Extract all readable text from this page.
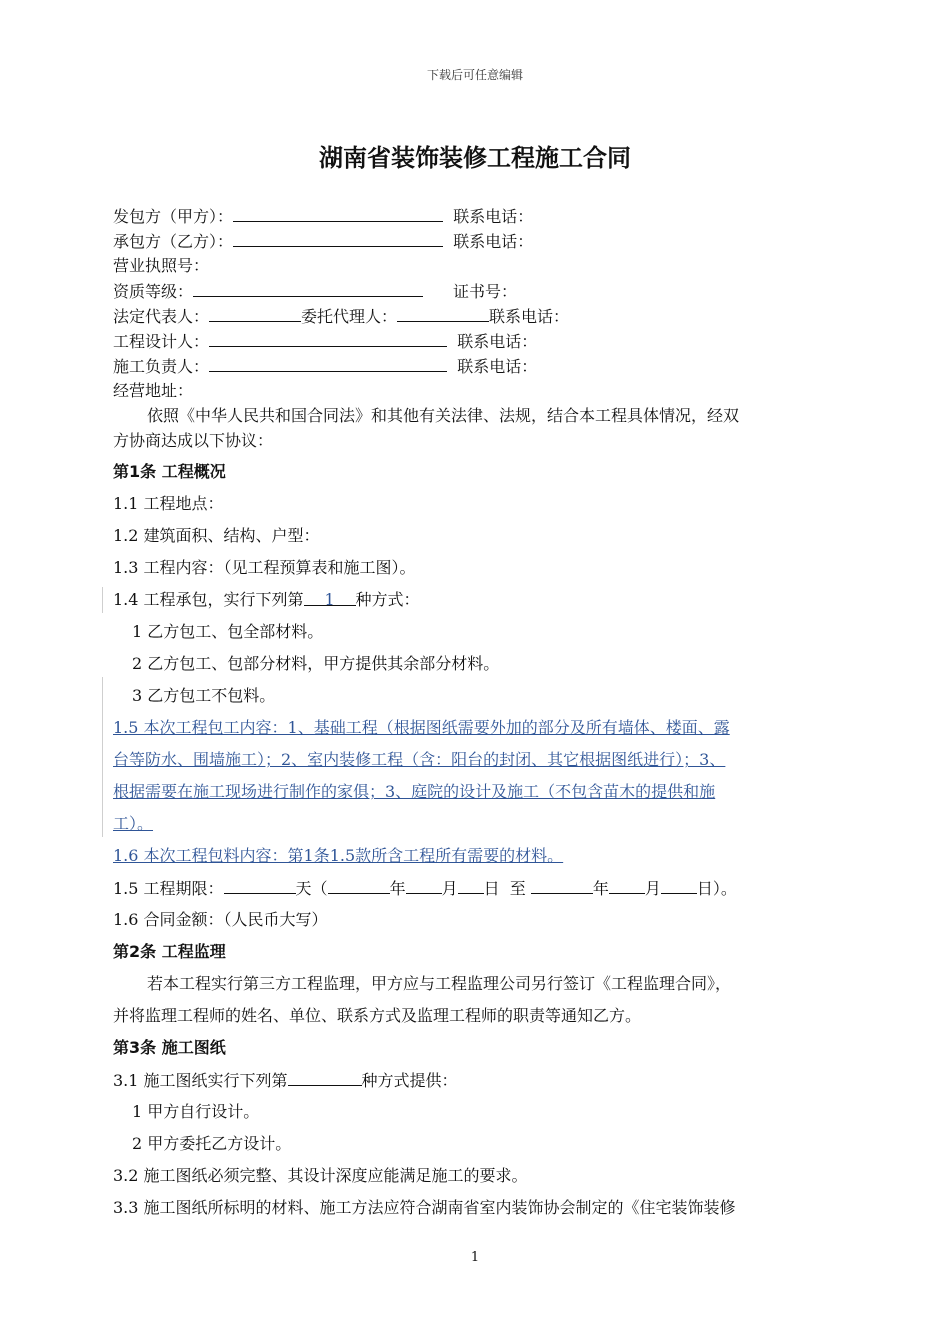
下载后可任意编辑
湖南省装饰装修工程施工合同
发包方（甲方）：	联系电话：
承包方（乙方）：	联系电话：
营业执照号：
资质等级：	证书号：
法定代表人：	委托代理人：	联系电话：
工程设计人：	联系电话：
施工负责人：	联系电话：
经营地址：
依照《中华人民共和国合同法》和其他有关法律、法规，结合本工程具体情况，经双
方协商达成以下协议：
第1条 工程概况
1.1 工程地点：
1.2 建筑面积、结构、户型：
1.3 工程内容：（见工程预算表和施工图）。
1.4 工程承包，实行下列第 1 种方式：
1 乙方包工、包全部材料。
2 乙方包工、包部分材料，甲方提供其余部分材料。
3 乙方包工不包料。
1.5 本次工程包工内容：1、基础工程（根据图纸需要外加的部分及所有墙体、楼面、露
台等防水、围墙施工）；2、室内装修工程（含：阳台的封闭、其它根据图纸进行）；3、
根据需要在施工现场进行制作的家俱；3、庭院的设计及施工（不包含苗木的提供和施
工）。
1.6 本次工程包料内容：第1条1.5款所含工程所有需要的材料。
1.5 工程期限：	天（	年 月 日 至	年 月 日）。
1.6 合同金额：（人民币大写）
第2条 工程监理
若本工程实行第三方工程监理，甲方应与工程监理公司另行签订《工程监理合同》，
并将监理工程师的姓名、单位、联系方式及监理工程师的职责等通知乙方。
第3条 施工图纸
3.1 施工图纸实行下列第	种方式提供：
1 甲方自行设计。
2 甲方委托乙方设计。
3.2 施工图纸必须完整、其设计深度应能满足施工的要求。
3.3 施工图纸所标明的材料、施工方法应符合湖南省室内装饰协会制定的《住宅装饰装修
1
